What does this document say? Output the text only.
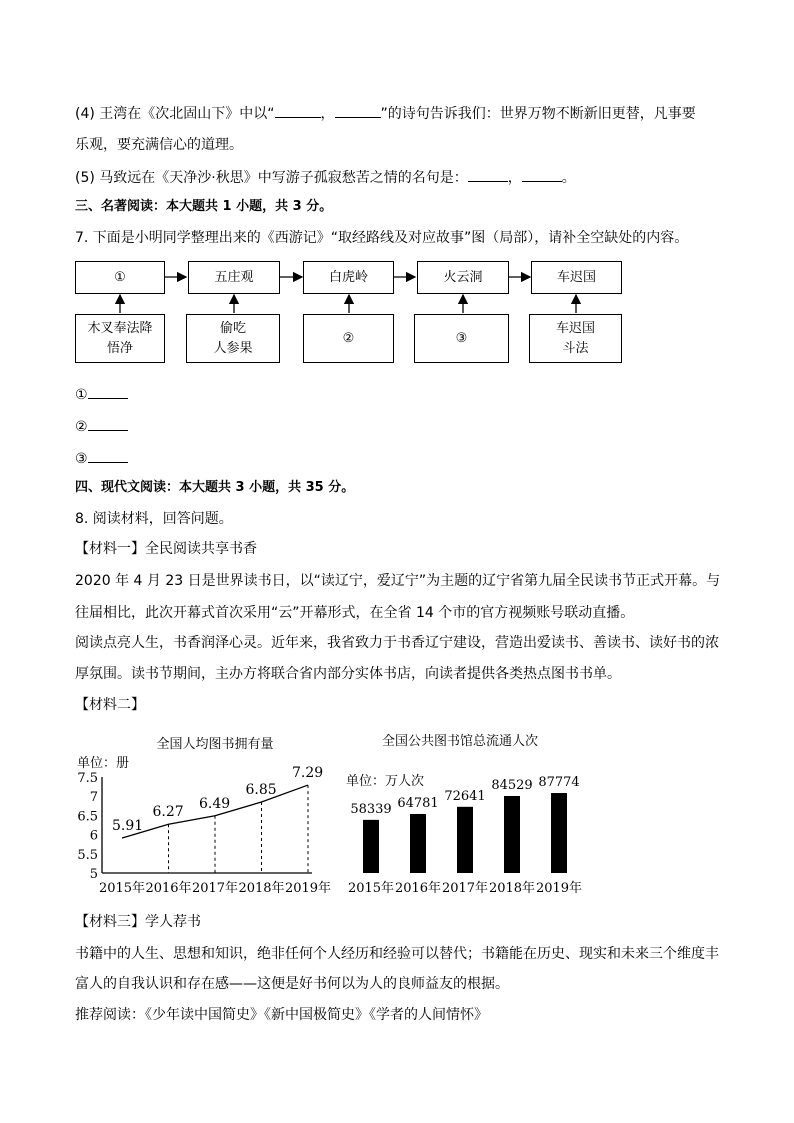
(4) 王湾在《次北固山下》中以“	，	”的诗句告诉我们：世界万物不断新旧更替，凡事要
乐观，要充满信心的道理。
(5) 马致远在《天净沙·秋思》中写游子孤寂愁苦之情的名句是：	，	。
三、名著阅读：本大题共 1 小题，共 3 分。
7. 下面是小明同学整理出来的《西游记》“取经路线及对应故事”图（局部），请补全空缺处的内容。
①	五庄观	白虎岭	火云洞	车迟国
木叉奉法降
悟净
偷吃
人参果
②	③
车迟国
斗法
①
②
③
四、现代文阅读：本大题共 3 小题，共 35 分。
8. 阅读材料，回答问题。
【材料一】全民阅读共享书香
2020 年 4 月 23 日是世界读书日，以“读辽宁，爱辽宁”为主题的辽宁省第九届全民读书节正式开幕。与
往届相比，此次开幕式首次采用“云”开幕形式，在全省 14 个市的官方视频账号联动直播。
阅读点亮人生，书香润泽心灵。近年来，我省致力于书香辽宁建设，营造出爱读书、善读书、读好书的浓
厚氛围。读书节期间，主办方将联合省内部分实体书店，向读者提供各类热点图书书单。
【材料二】
全国人均图书拥有量
单位：册
7.5
7
6.5
6
5.5
5
2015年 2016年 2017年 2018年 2019年
5.91
6.27
6.49
6.85
7.29
全国公共图书馆总流通人次
单位：万人次
58339
2015年
64781
2016年
72641
2017年
84529
2018年
87774
2019年
【材料三】学人荐书
书籍中的人生、思想和知识，绝非任何个人经历和经验可以替代；书籍能在历史、现实和未来三个维度丰
富人的自我认识和存在感——这便是好书何以为人的良师益友的根据。
推荐阅读：《少年读中国简史》《新中国极简史》《学者的人间情怀》
